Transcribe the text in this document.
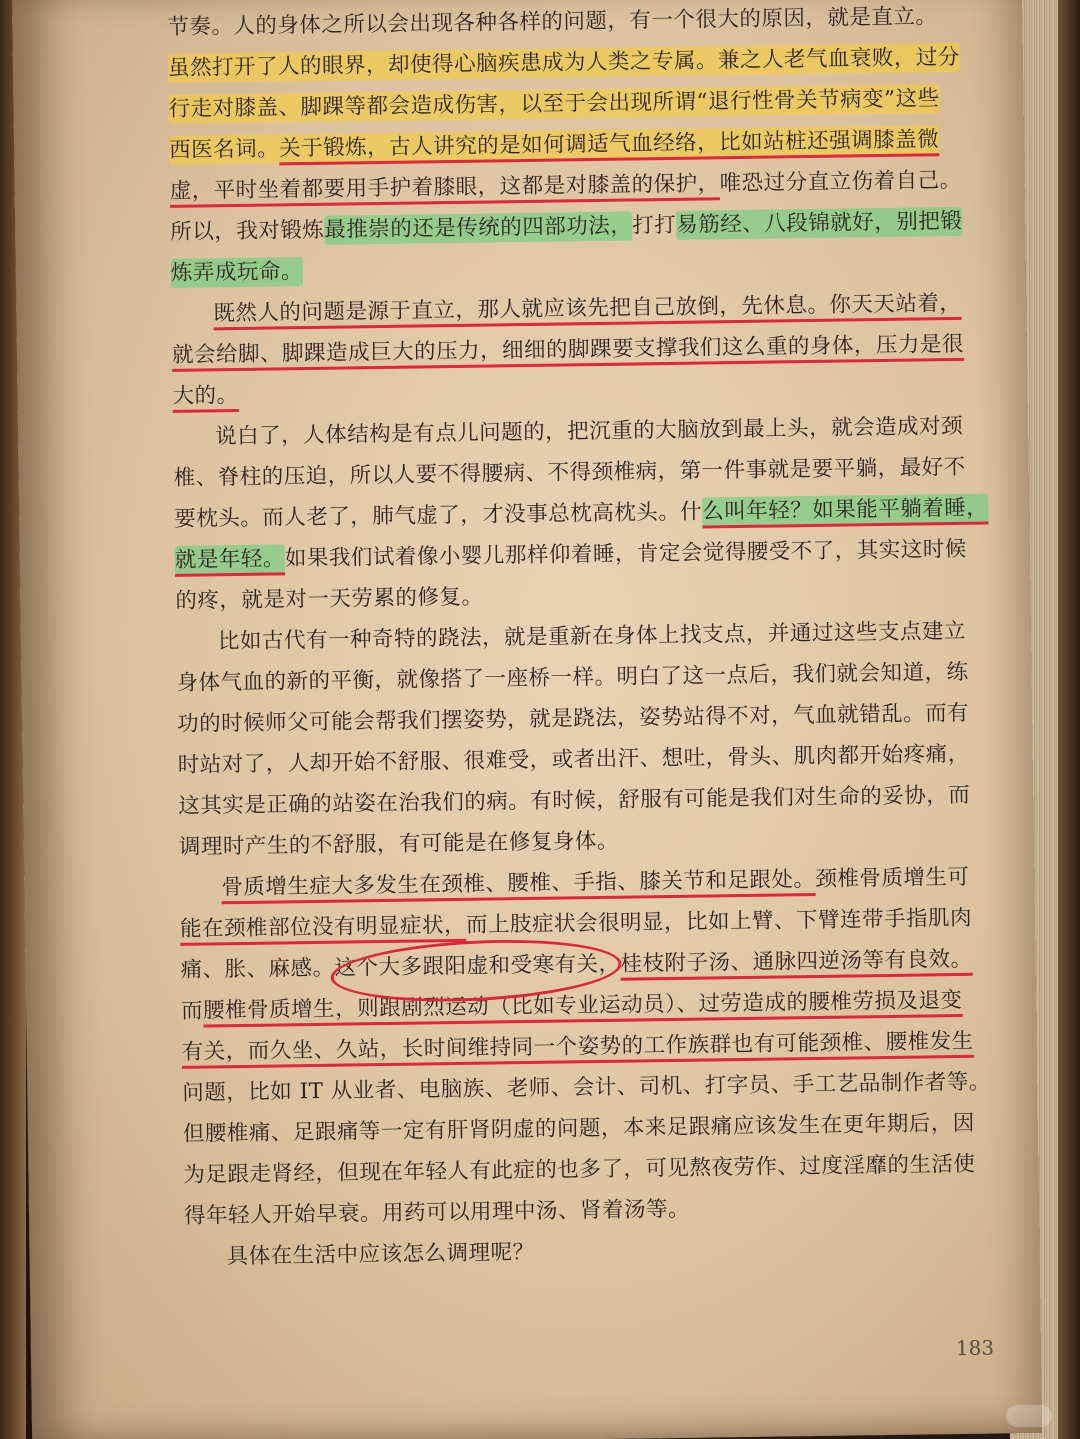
节奏。人的身体之所以会出现各种各样的问题，有一个很大的原因，就是直立。
虽然打开了人的眼界，却使得心脑疾患成为人类之专属。兼之人老气血衰败，过分
行走对膝盖、脚踝等都会造成伤害，以至于会出现所谓“退行性骨关节病变”这些
西医名词。关于锻炼，古人讲究的是如何调适气血经络，比如站桩还强调膝盖微
虚，平时坐着都要用手护着膝眼，这都是对膝盖的保护，唯恐过分直立伤着自己。
所以，我对锻炼最推崇的还是传统的四部功法，打打易筋经、八段锦就好，别把锻
炼弄成玩命。
既然人的问题是源于直立，那人就应该先把自己放倒，先休息。你天天站着，
就会给脚、脚踝造成巨大的压力，细细的脚踝要支撑我们这么重的身体，压力是很
大的。
说白了，人体结构是有点儿问题的，把沉重的大脑放到最上头，就会造成对颈
椎、脊柱的压迫，所以人要不得腰病、不得颈椎病，第一件事就是要平躺，最好不
要枕头。而人老了，肺气虚了，才没事总枕高枕头。什么叫年轻？如果能平躺着睡，
就是年轻。如果我们试着像小婴儿那样仰着睡，肯定会觉得腰受不了，其实这时候
的疼，就是对一天劳累的修复。
比如古代有一种奇特的跷法，就是重新在身体上找支点，并通过这些支点建立
身体气血的新的平衡，就像搭了一座桥一样。明白了这一点后，我们就会知道，练
功的时候师父可能会帮我们摆姿势，就是跷法，姿势站得不对，气血就错乱。而有
时站对了，人却开始不舒服、很难受，或者出汗、想吐，骨头、肌肉都开始疼痛，
这其实是正确的站姿在治我们的病。有时候，舒服有可能是我们对生命的妥协，而
调理时产生的不舒服，有可能是在修复身体。
骨质增生症大多发生在颈椎、腰椎、手指、膝关节和足跟处。颈椎骨质增生可
能在颈椎部位没有明显症状，而上肢症状会很明显，比如上臂、下臂连带手指肌肉
痛、胀、麻感。这个大多跟阳虚和受寒有关，桂枝附子汤、通脉四逆汤等有良效。
而腰椎骨质增生，则跟剧烈运动（比如专业运动员）、过劳造成的腰椎劳损及退变
有关，而久坐、久站，长时间维持同一个姿势的工作族群也有可能颈椎、腰椎发生
问题，比如 IT 从业者、电脑族、老师、会计、司机、打字员、手工艺品制作者等。
但腰椎痛、足跟痛等一定有肝肾阴虚的问题，本来足跟痛应该发生在更年期后，因
为足跟走肾经，但现在年轻人有此症的也多了，可见熬夜劳作、过度淫靡的生活使
得年轻人开始早衰。用药可以用理中汤、肾着汤等。
具体在生活中应该怎么调理呢？
183
